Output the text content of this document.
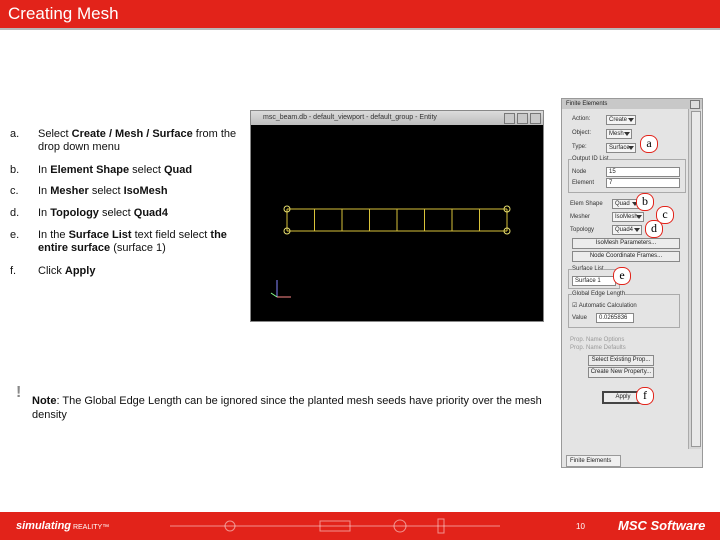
Creating Mesh
a. Select Create / Mesh / Surface from the drop down menu
b. In Element Shape select Quad
c. In Mesher select IsoMesh
d. In Topology select Quad4
e. In the Surface List text field select the entire surface (surface 1)
f. Click Apply
! Note: The Global Edge Length can be ignored since the planted mesh seeds have priority over the mesh density
msc_beam.db - default_viewport - default_group - Entity
Finite Elements
Action:	Create
Object:	Mesh
Type:	Surface
Output ID List
Node	15
Element	7
Elem Shape	Quad
Mesher	IsoMesh
Topology	Quad4
IsoMesh Parameters...
Node Coordinate Frames...
Surface List
Surface 1
Global Edge Length
☑ Automatic Calculation
Value	0.0265836
Prop. Name Options
Prop. Name Defaults
Select Existing Prop...
Create New Property...
Apply
Finite Elements
a
b
c
d
e
f
simulating REALITY™	10	MSC Software
